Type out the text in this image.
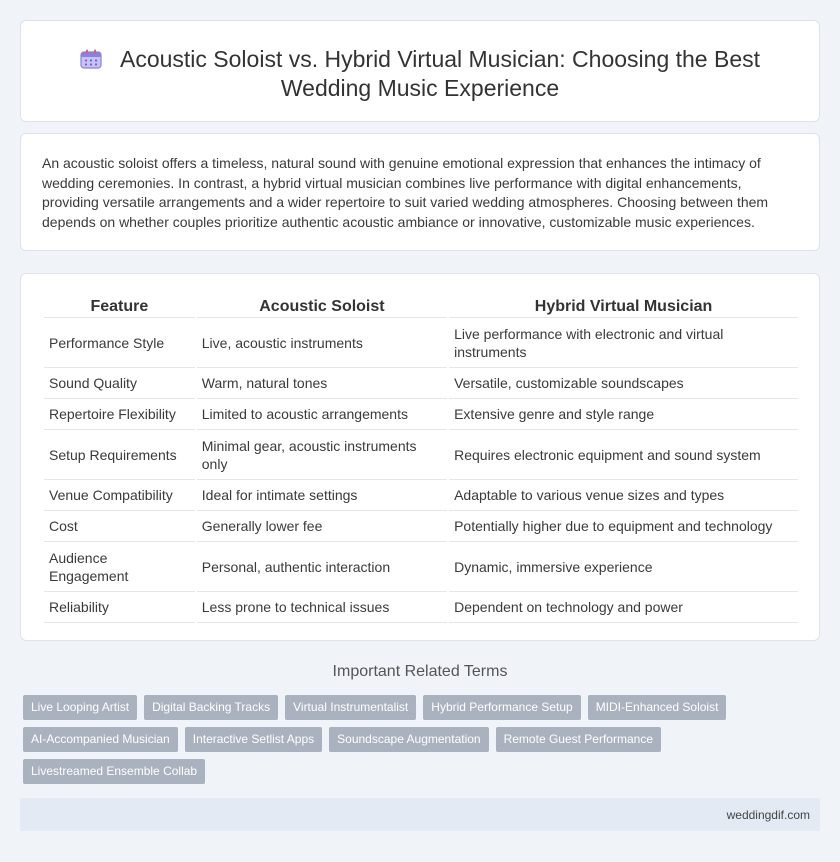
Acoustic Soloist vs. Hybrid Virtual Musician: Choosing the Best Wedding Music Experience

An acoustic soloist offers a timeless, natural sound with genuine emotional expression that enhances the intimacy of wedding ceremonies. In contrast, a hybrid virtual musician combines live performance with digital enhancements, providing versatile arrangements and a wider repertoire to suit varied wedding atmospheres. Choosing between them depends on whether couples prioritize authentic acoustic ambiance or innovative, customizable music experiences.

Feature	Acoustic Soloist	Hybrid Virtual Musician
Performance Style	Live, acoustic instruments	Live performance with electronic and virtual instruments
Sound Quality	Warm, natural tones	Versatile, customizable soundscapes
Repertoire Flexibility	Limited to acoustic arrangements	Extensive genre and style range
Setup Requirements	Minimal gear, acoustic instruments only	Requires electronic equipment and sound system
Venue Compatibility	Ideal for intimate settings	Adaptable to various venue sizes and types
Cost	Generally lower fee	Potentially higher due to equipment and technology
Audience Engagement	Personal, authentic interaction	Dynamic, immersive experience
Reliability	Less prone to technical issues	Dependent on technology and power
Important Related Terms
Live Looping Artist	Digital Backing Tracks	Virtual Instrumentalist	Hybrid Performance Setup	MIDI-Enhanced Soloist
AI-Accompanied Musician	Interactive Setlist Apps	Soundscape Augmentation	Remote Guest Performance
Livestreamed Ensemble Collab
weddingdif.com
